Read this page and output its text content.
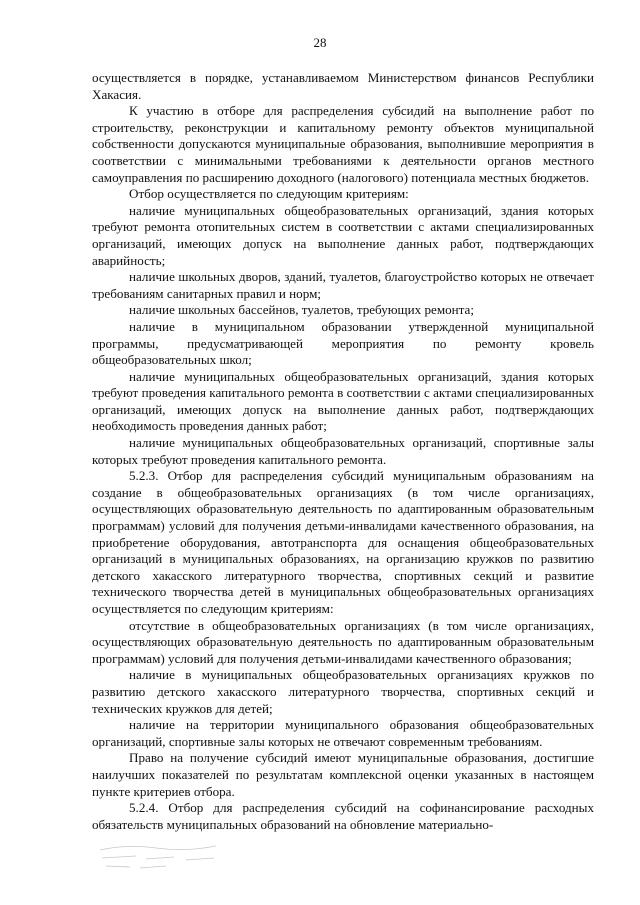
28

осуществляется в порядке, устанавливаемом Министерством финансов Республики Хакасия.

К участию в отборе для распределения субсидий на выполнение работ по строительству, реконструкции и капитальному ремонту объектов муниципальной собственности допускаются муниципальные образования, выполнившие мероприятия в соответствии с минимальными требованиями к деятельности органов местного самоуправления по расширению доходного (налогового) потенциала местных бюджетов.

Отбор осуществляется по следующим критериям:

наличие муниципальных общеобразовательных организаций, здания которых требуют ремонта отопительных систем в соответствии с актами специализированных организаций, имеющих допуск на выполнение данных работ, подтверждающих аварийность;

наличие школьных дворов, зданий, туалетов, благоустройство которых не отвечает требованиям санитарных правил и норм;

наличие школьных бассейнов, туалетов, требующих ремонта;

наличие в муниципальном образовании утвержденной муниципальной программы, предусматривающей мероприятия по ремонту кровель общеобразовательных школ;

наличие муниципальных общеобразовательных организаций, здания которых требуют проведения капитального ремонта в соответствии с актами специализированных организаций, имеющих допуск на выполнение данных работ, подтверждающих необходимость проведения данных работ;

наличие муниципальных общеобразовательных организаций, спортивные залы которых требуют проведения капитального ремонта.

5.2.3. Отбор для распределения субсидий муниципальным образованиям на создание в общеобразовательных организациях (в том числе организациях, осуществляющих образовательную деятельность по адаптированным образовательным программам) условий для получения детьми-инвалидами качественного образования, на приобретение оборудования, автотранспорта для оснащения общеобразовательных организаций в муниципальных образованиях, на организацию кружков по развитию детского хакасского литературного творчества, спортивных секций и развитие технического творчества детей в муниципальных общеобразовательных организациях осуществляется по следующим критериям:

отсутствие в общеобразовательных организациях (в том числе организациях, осуществляющих образовательную деятельность по адаптированным образовательным программам) условий для получения детьми-инвалидами качественного образования;

наличие в муниципальных общеобразовательных организациях кружков по развитию детского хакасского литературного творчества, спортивных секций и технических кружков для детей;

наличие на территории муниципального образования общеобразовательных организаций, спортивные залы которых не отвечают современным требованиям.

Право на получение субсидий имеют муниципальные образования, достигшие наилучших показателей по результатам комплексной оценки указанных в настоящем пункте критериев отбора.

5.2.4. Отбор для распределения субсидий на софинансирование расходных обязательств муниципальных образований на обновление материально-
